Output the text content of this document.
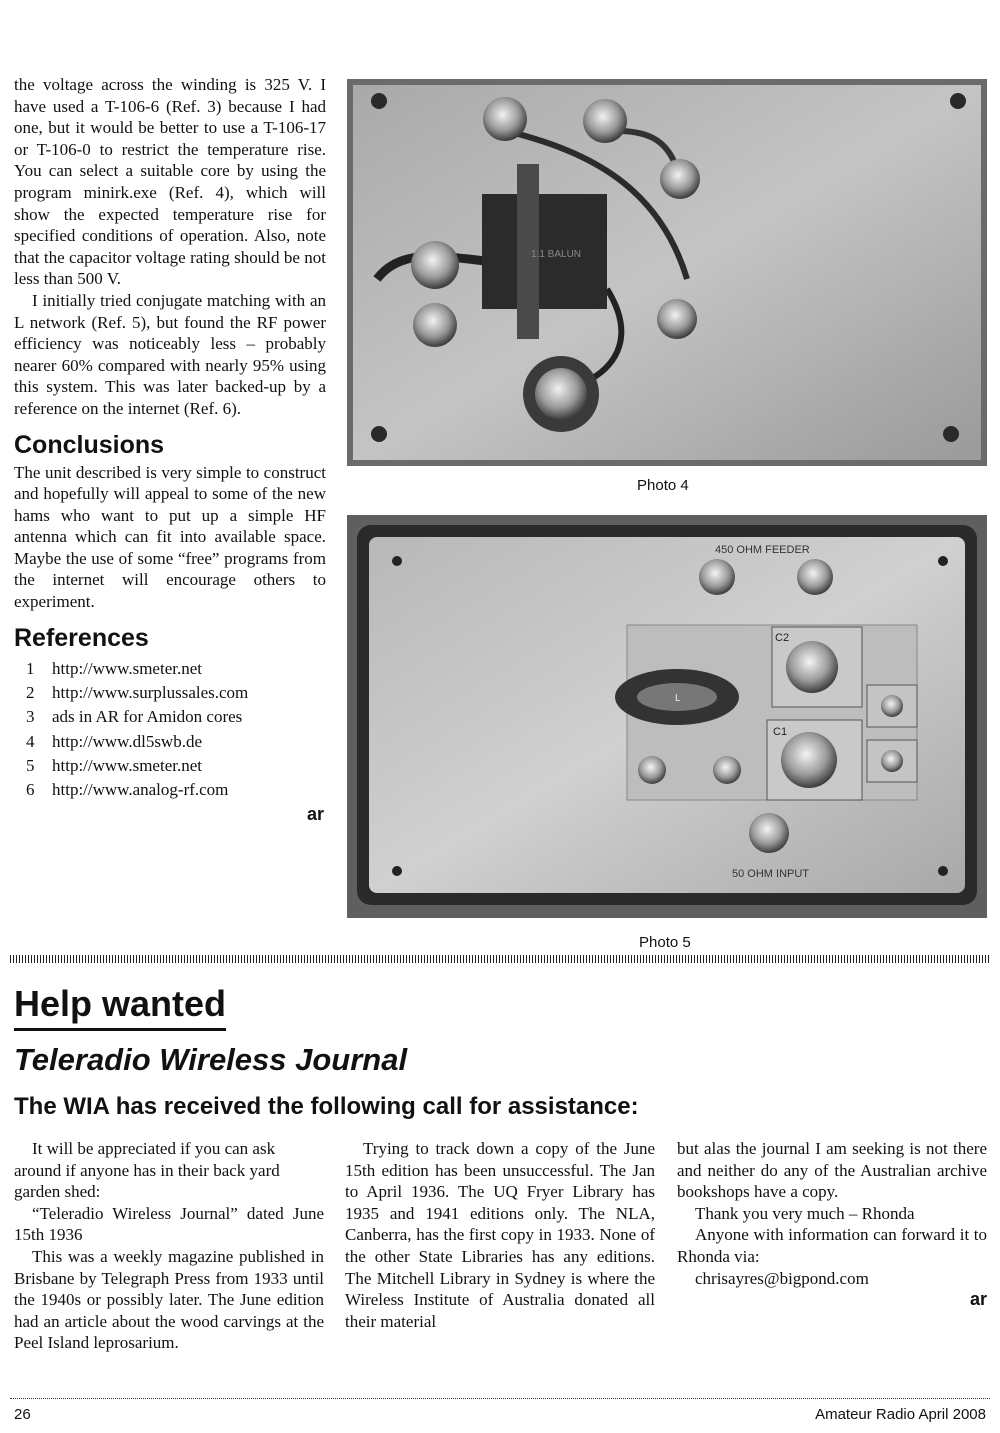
the voltage across the winding is 325 V. I have used a T-106-6 (Ref. 3) because I had one, but it would be better to use a T-106-17 or T-106-0 to restrict the temperature rise. You can select a suitable core by using the program minirk.exe (Ref. 4), which will show the expected temperature rise for specified conditions of operation. Also, note that the capacitor voltage rating should be not less than 500 V.

I initially tried conjugate matching with an L network (Ref. 5), but found the RF power efficiency was noticeably less – probably nearer 60% compared with nearly 95% using this system. This was later backed-up by a reference on the internet (Ref. 6).

Conclusions

The unit described is very simple to construct and hopefully will appeal to some of the new hams who want to put up a simple HF antenna which can fit into available space. Maybe the use of some “free” programs from the internet will encourage others to experiment.

References
1	http://www.smeter.net
2	http://www.surplussales.com
3	ads in AR for Amidon cores
4	http://www.dl5swb.de
5	http://www.smeter.net
6	http://www.analog-rf.com
ar
1:1 BALUN
Photo 4
450 OHM FEEDER
C2
C1
L
50 OHM INPUT
Photo 5
Help wanted
Teleradio Wireless Journal
The WIA has received the following call for assistance:

It will be appreciated if you can ask around if anyone has in their back yard garden shed:

“Teleradio Wireless Journal” dated June 15th 1936

This was a weekly magazine published in Brisbane by Telegraph Press from 1933 until the 1940s or possibly later. The June edition had an article about the wood carvings at the Peel Island leprosarium.

Trying to track down a copy of the June 15th edition has been unsuccessful. The Jan to April 1936. The UQ Fryer Library has 1935 and 1941 editions only. The NLA, Canberra, has the first copy in 1933. None of the other State Libraries has any editions. The Mitchell Library in Sydney is where the Wireless Institute of Australia donated all their material

but alas the journal I am seeking is not there and neither do any of the Australian archive bookshops have a copy.

Thank you very much – Rhonda

Anyone with information can forward it to Rhonda via:

chrisayres@bigpond.com

ar
26	Amateur Radio April 2008
